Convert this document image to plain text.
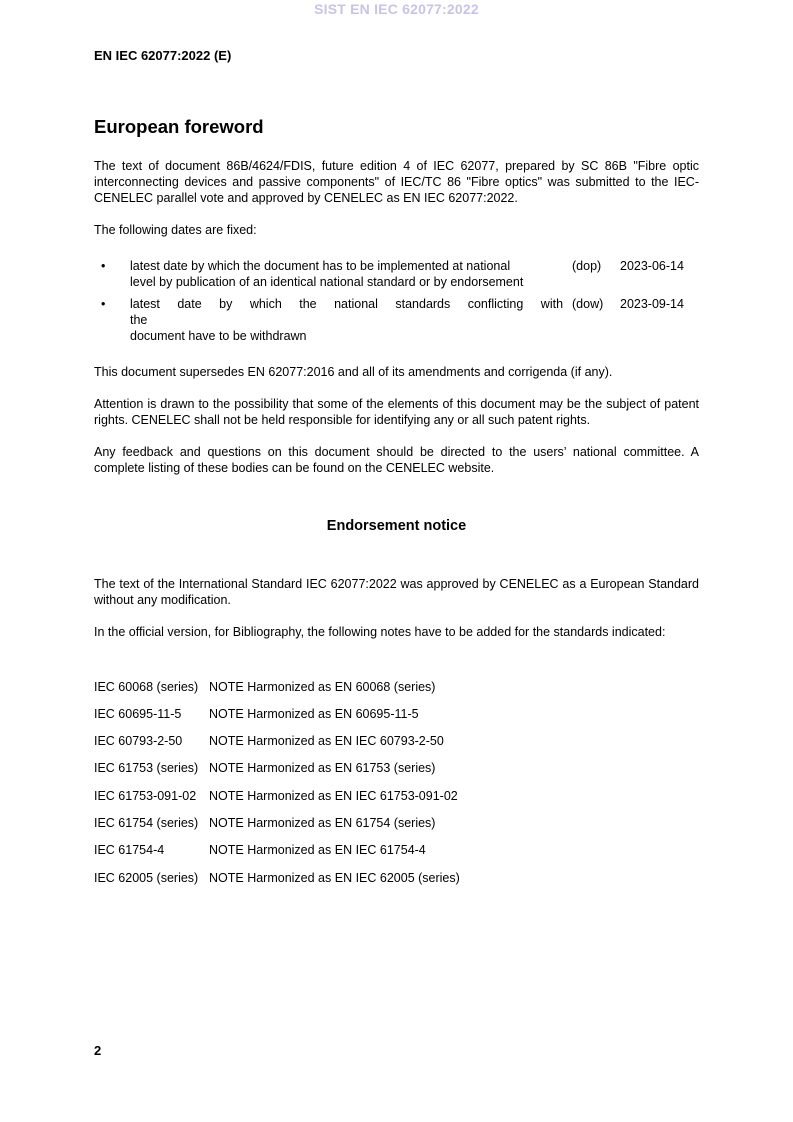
SIST EN IEC 62077:2022
EN IEC 62077:2022 (E)
European foreword
The text of document 86B/4624/FDIS, future edition 4 of IEC 62077, prepared by SC 86B "Fibre optic interconnecting devices and passive components" of IEC/TC 86 "Fibre optics" was submitted to the IEC-CENELEC parallel vote and approved by CENELEC as EN IEC 62077:2022.
The following dates are fixed:
• latest date by which the document has to be implemented at national
level by publication of an identical national standard or by endorsement
(dop) 2023-06-14
• latest date by which the national standards conflicting with the
document have to be withdrawn
(dow) 2023-09-14
This document supersedes EN 62077:2016 and all of its amendments and corrigenda (if any).
Attention is drawn to the possibility that some of the elements of this document may be the subject of patent rights. CENELEC shall not be held responsible for identifying any or all such patent rights.
Any feedback and questions on this document should be directed to the users’ national committee. A complete listing of these bodies can be found on the CENELEC website.
Endorsement notice
The text of the International Standard IEC 62077:2022 was approved by CENELEC as a European Standard without any modification.
In the official version, for Bibliography, the following notes have to be added for the standards indicated:
IEC 60068 (series) NOTE Harmonized as EN 60068 (series)
IEC 60695-11-5 NOTE Harmonized as EN 60695-11-5
IEC 60793-2-50 NOTE Harmonized as EN IEC 60793-2-50
IEC 61753 (series) NOTE Harmonized as EN 61753 (series)
IEC 61753-091-02 NOTE Harmonized as EN IEC 61753-091-02
IEC 61754 (series) NOTE Harmonized as EN 61754 (series)
IEC 61754-4	NOTE Harmonized as EN IEC 61754-4
IEC 62005 (series) NOTE Harmonized as EN IEC 62005 (series)
2
